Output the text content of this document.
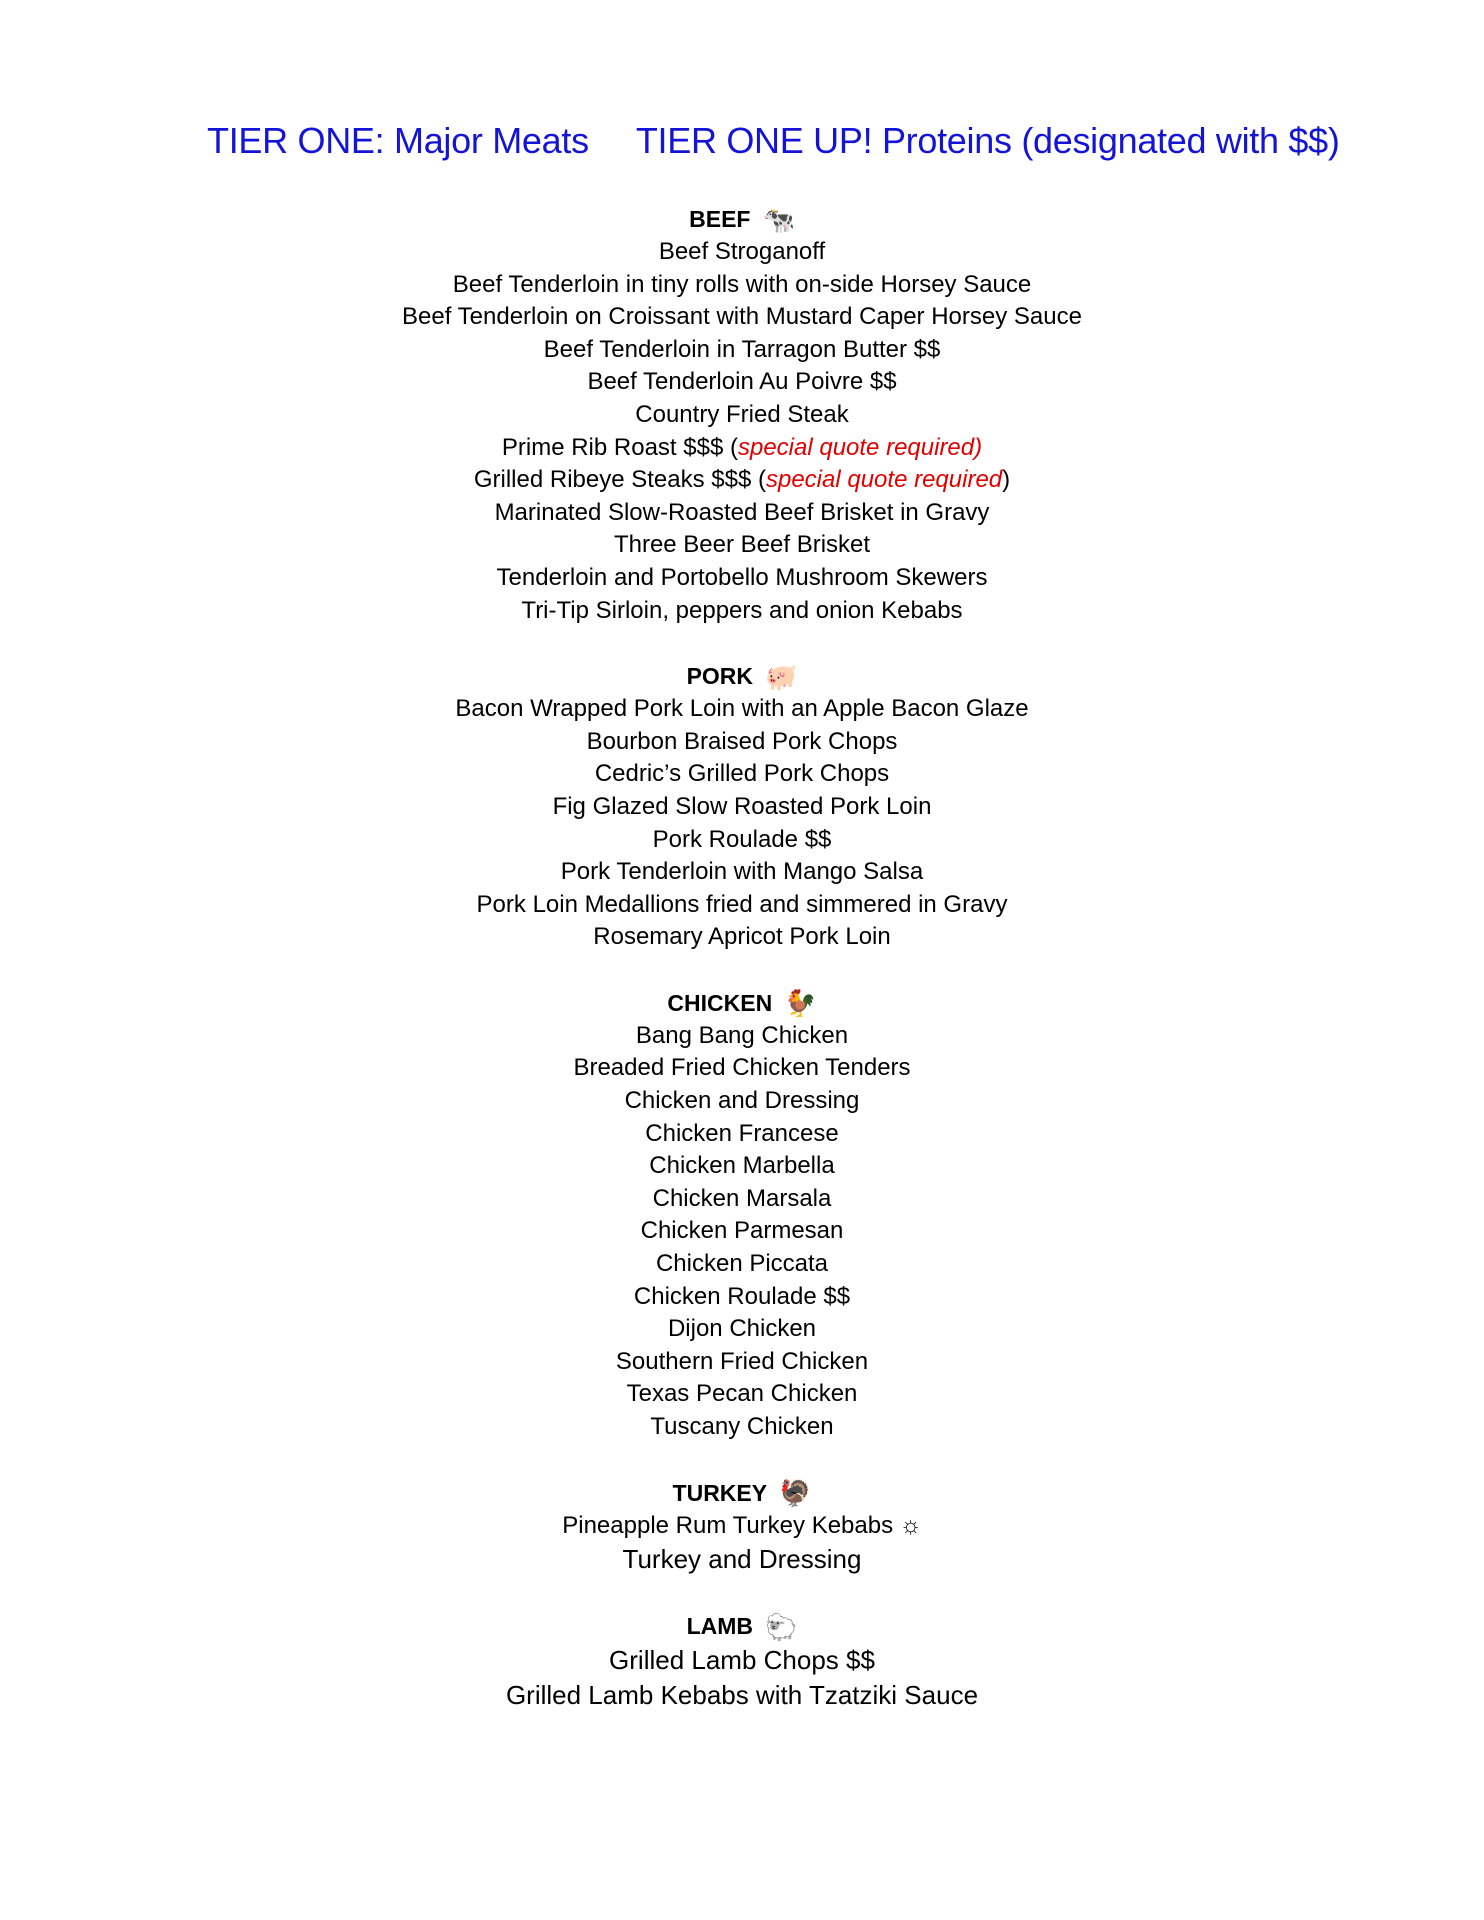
TIER ONE: Major Meats TIER ONE UP! Proteins (designated with $$)
BEEF 🐄
Beef Stroganoff
Beef Tenderloin in tiny rolls with on-side Horsey Sauce
Beef Tenderloin on Croissant with Mustard Caper Horsey Sauce
Beef Tenderloin in Tarragon Butter $$
Beef Tenderloin Au Poivre $$
Country Fried Steak
Prime Rib Roast $$$ (special quote required)
Grilled Ribeye Steaks $$$ (special quote required)
Marinated Slow-Roasted Beef Brisket in Gravy
Three Beer Beef Brisket
Tenderloin and Portobello Mushroom Skewers
Tri-Tip Sirloin, peppers and onion Kebabs
PORK 🐖
Bacon Wrapped Pork Loin with an Apple Bacon Glaze
Bourbon Braised Pork Chops
Cedric’s Grilled Pork Chops
Fig Glazed Slow Roasted Pork Loin
Pork Roulade $$
Pork Tenderloin with Mango Salsa
Pork Loin Medallions fried and simmered in Gravy
Rosemary Apricot Pork Loin
CHICKEN 🐓
Bang Bang Chicken
Breaded Fried Chicken Tenders
Chicken and Dressing
Chicken Francese
Chicken Marbella
Chicken Marsala
Chicken Parmesan
Chicken Piccata
Chicken Roulade $$
Dijon Chicken
Southern Fried Chicken
Texas Pecan Chicken
Tuscany Chicken
TURKEY 🦃
Pineapple Rum Turkey Kebabs ☼
Turkey and Dressing
LAMB 🐑
Grilled Lamb Chops $$
Grilled Lamb Kebabs with Tzatziki Sauce
